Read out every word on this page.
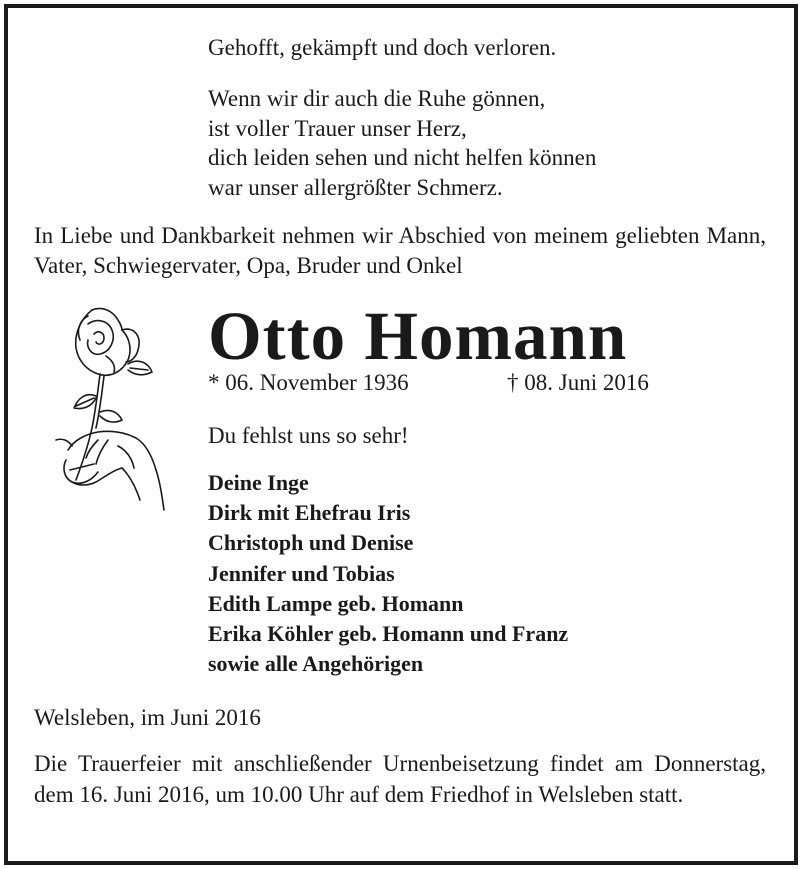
Gehofft, gekämpft und doch verloren.
Wenn wir dir auch die Ruhe gönnen,
ist voller Trauer unser Herz,
dich leiden sehen und nicht helfen können
war unser allergrößter Schmerz.
In Liebe und Dankbarkeit nehmen wir Abschied von meinem geliebten Mann, Vater, Schwiegervater, Opa, Bruder und Onkel
Otto Homann
* 06. November 1936	† 08. Juni 2016
Du fehlst uns so sehr!
Deine Inge
Dirk mit Ehefrau Iris
Christoph und Denise
Jennifer und Tobias
Edith Lampe geb. Homann
Erika Köhler geb. Homann und Franz
sowie alle Angehörigen
Welsleben, im Juni 2016
Die Trauerfeier mit anschließender Urnenbeisetzung findet am Donnerstag, dem 16. Juni 2016, um 10.00 Uhr auf dem Friedhof in Welsleben statt.
